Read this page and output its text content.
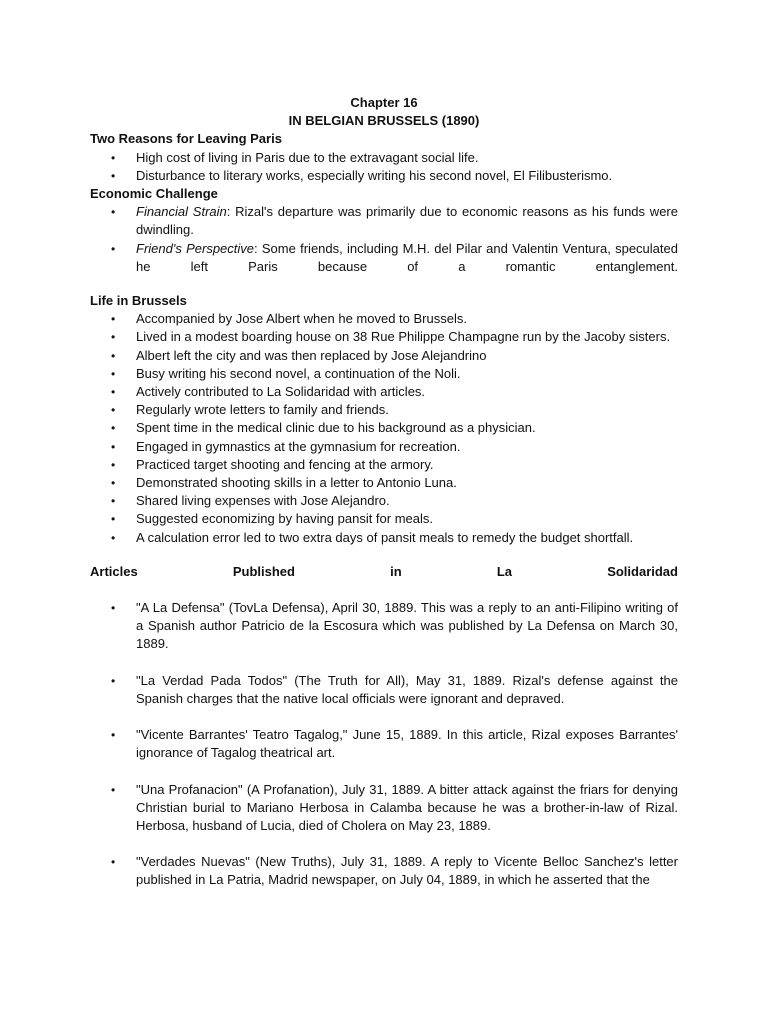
Chapter 16

IN BELGIAN BRUSSELS (1890)

Two Reasons for Leaving Paris

• High cost of living in Paris due to the extravagant social life.
• Disturbance to literary works, especially writing his second novel, El Filibusterismo.

Economic Challenge

• Financial Strain: Rizal's departure was primarily due to economic reasons as his funds were dwindling.
• Friend's Perspective: Some friends, including M.H. del Pilar and Valentin Ventura, speculated he left Paris because of a romantic entanglement.

Life in Brussels

• Accompanied by Jose Albert when he moved to Brussels.
• Lived in a modest boarding house on 38 Rue Philippe Champagne run by the Jacoby sisters.
• Albert left the city and was then replaced by Jose Alejandrino
• Busy writing his second novel, a continuation of the Noli.
• Actively contributed to La Solidaridad with articles.
• Regularly wrote letters to family and friends.
• Spent time in the medical clinic due to his background as a physician.
• Engaged in gymnastics at the gymnasium for recreation.
• Practiced target shooting and fencing at the armory.
• Demonstrated shooting skills in a letter to Antonio Luna.
• Shared living expenses with Jose Alejandro.
• Suggested economizing by having pansit for meals.
• A calculation error led to two extra days of pansit meals to remedy the budget shortfall.

Articles	Published	in	La	Solidaridad

• "A La Defensa" (TovLa Defensa), April 30, 1889. This was a reply to an anti-Filipino writing of a Spanish author Patricio de la Escosura which was published by La Defensa on March 30, 1889.
• "La Verdad Pada Todos" (The Truth for All), May 31, 1889. Rizal's defense against the Spanish charges that the native local officials were ignorant and depraved.
• "Vicente Barrantes' Teatro Tagalog," June 15, 1889. In this article, Rizal exposes Barrantes' ignorance of Tagalog theatrical art.
• "Una Profanacion" (A Profanation), July 31, 1889. A bitter attack against the friars for denying Christian burial to Mariano Herbosa in Calamba because he was a brother-in-law of Rizal. Herbosa, husband of Lucia, died of Cholera on May 23, 1889.
• "Verdades Nuevas" (New Truths), July 31, 1889. A reply to Vicente Belloc Sanchez's letter published in La Patria, Madrid newspaper, on July 04, 1889, in which he asserted that the
